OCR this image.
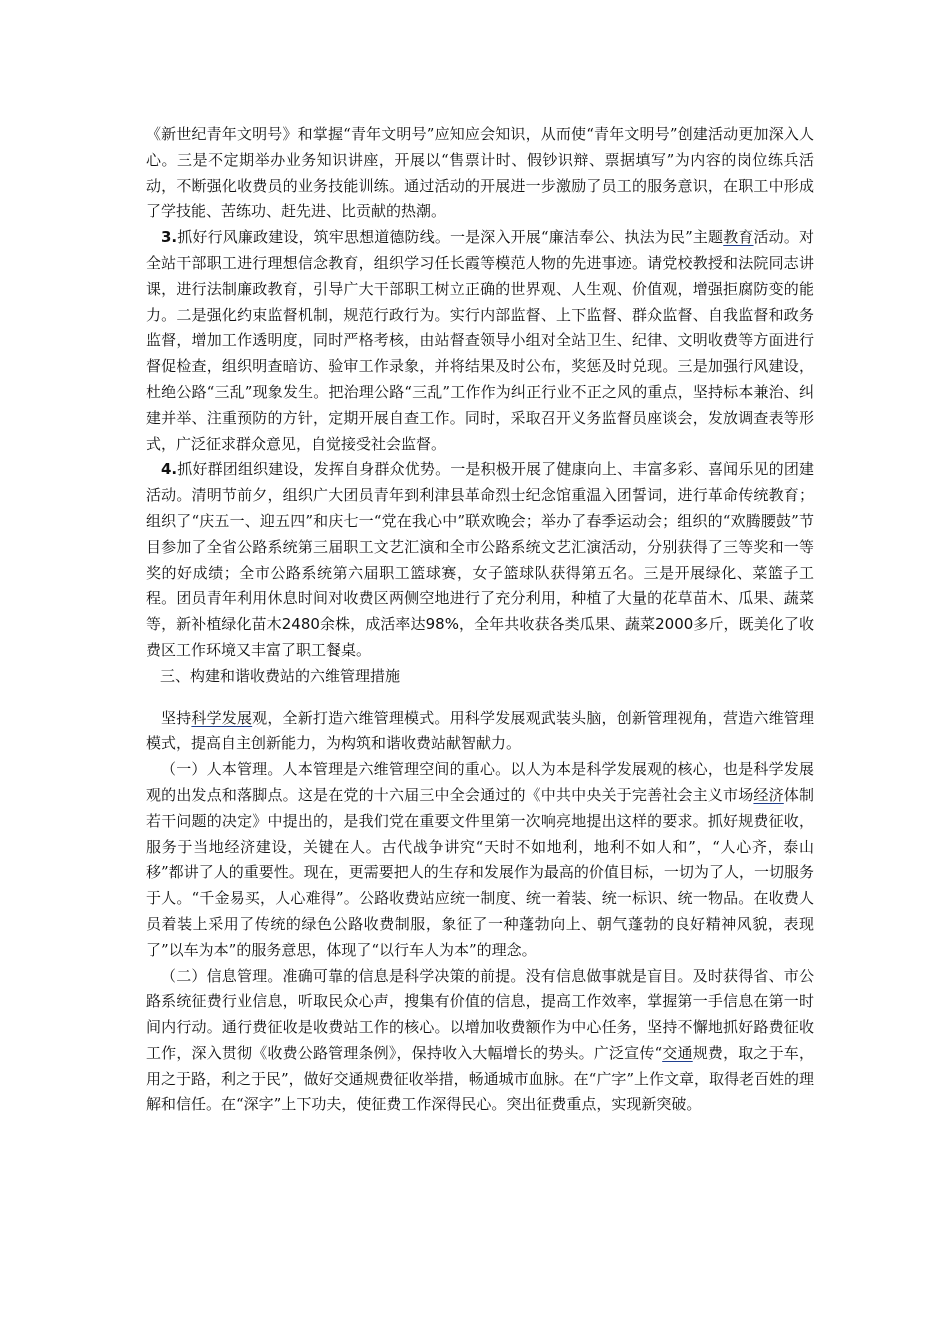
《新世纪青年文明号》和掌握“青年文明号”应知应会知识，从而使“青年文明号”创建活动更加深入人心。三是不定期举办业务知识讲座，开展以“售票计时、假钞识辩、票据填写”为内容的岗位练兵活动，不断强化收费员的业务技能训练。通过活动的开展进一步激励了员工的服务意识，在职工中形成了学技能、苦练功、赶先进、比贡献的热潮。

3.抓好行风廉政建设，筑牢思想道德防线。一是深入开展“廉洁奉公、执法为民”主题教育活动。对全站干部职工进行理想信念教育，组织学习任长霞等模范人物的先进事迹。请党校教授和法院同志讲课，进行法制廉政教育，引导广大干部职工树立正确的世界观、人生观、价值观，增强拒腐防变的能力。二是强化约束监督机制，规范行政行为。实行内部监督、上下监督、群众监督、自我监督和政务监督，增加工作透明度，同时严格考核，由站督查领导小组对全站卫生、纪律、文明收费等方面进行督促检查，组织明查暗访、验审工作录象，并将结果及时公布，奖惩及时兑现。三是加强行风建设，杜绝公路“三乱”现象发生。把治理公路“三乱”工作作为纠正行业不正之风的重点，坚持标本兼治、纠建并举、注重预防的方针，定期开展自查工作。同时，采取召开义务监督员座谈会，发放调查表等形式，广泛征求群众意见，自觉接受社会监督。

4.抓好群团组织建设，发挥自身群众优势。一是积极开展了健康向上、丰富多彩、喜闻乐见的团建活动。清明节前夕，组织广大团员青年到利津县革命烈士纪念馆重温入团誓词，进行革命传统教育；组织了“庆五一、迎五四”和庆七一“党在我心中”联欢晚会；举办了春季运动会；组织的“欢腾腰鼓”节目参加了全省公路系统第三届职工文艺汇演和全市公路系统文艺汇演活动，分别获得了三等奖和一等奖的好成绩；全市公路系统第六届职工篮球赛，女子篮球队获得第五名。三是开展绿化、菜篮子工程。团员青年利用休息时间对收费区两侧空地进行了充分利用，种植了大量的花草苗木、瓜果、蔬菜等，新补植绿化苗木2480余株，成活率达98%，全年共收获各类瓜果、蔬菜2000多斤，既美化了收费区工作环境又丰富了职工餐桌。

三、构建和谐收费站的六维管理措施

坚持科学发展观，全新打造六维管理模式。用科学发展观武装头脑，创新管理视角，营造六维管理模式，提高自主创新能力，为构筑和谐收费站献智献力。

（一）人本管理。人本管理是六维管理空间的重心。以人为本是科学发展观的核心，也是科学发展观的出发点和落脚点。这是在党的十六届三中全会通过的《中共中央关于完善社会主义市场经济体制若干问题的决定》中提出的，是我们党在重要文件里第一次响亮地提出这样的要求。抓好规费征收，服务于当地经济建设，关键在人。古代战争讲究“天时不如地利，地利不如人和”，“人心齐，泰山移”都讲了人的重要性。现在，更需要把人的生存和发展作为最高的价值目标，一切为了人，一切服务于人。“千金易买，人心难得”。公路收费站应统一制度、统一着装、统一标识、统一物品。在收费人员着装上采用了传统的绿色公路收费制服，象征了一种蓬勃向上、朝气蓬勃的良好精神风貌，表现了”以车为本”的服务意思，体现了“以行车人为本”的理念。

（二）信息管理。准确可靠的信息是科学决策的前提。没有信息做事就是盲目。及时获得省、市公路系统征费行业信息，听取民众心声，搜集有价值的信息，提高工作效率，掌握第一手信息在第一时间内行动。通行费征收是收费站工作的核心。以增加收费额作为中心任务，坚持不懈地抓好路费征收工作，深入贯彻《收费公路管理条例》，保持收入大幅增长的势头。广泛宣传“交通规费，取之于车，用之于路，利之于民”，做好交通规费征收举措，畅通城市血脉。在“广字”上作文章，取得老百姓的理解和信任。在“深字”上下功夫，使征费工作深得民心。突出征费重点，实现新突破。
